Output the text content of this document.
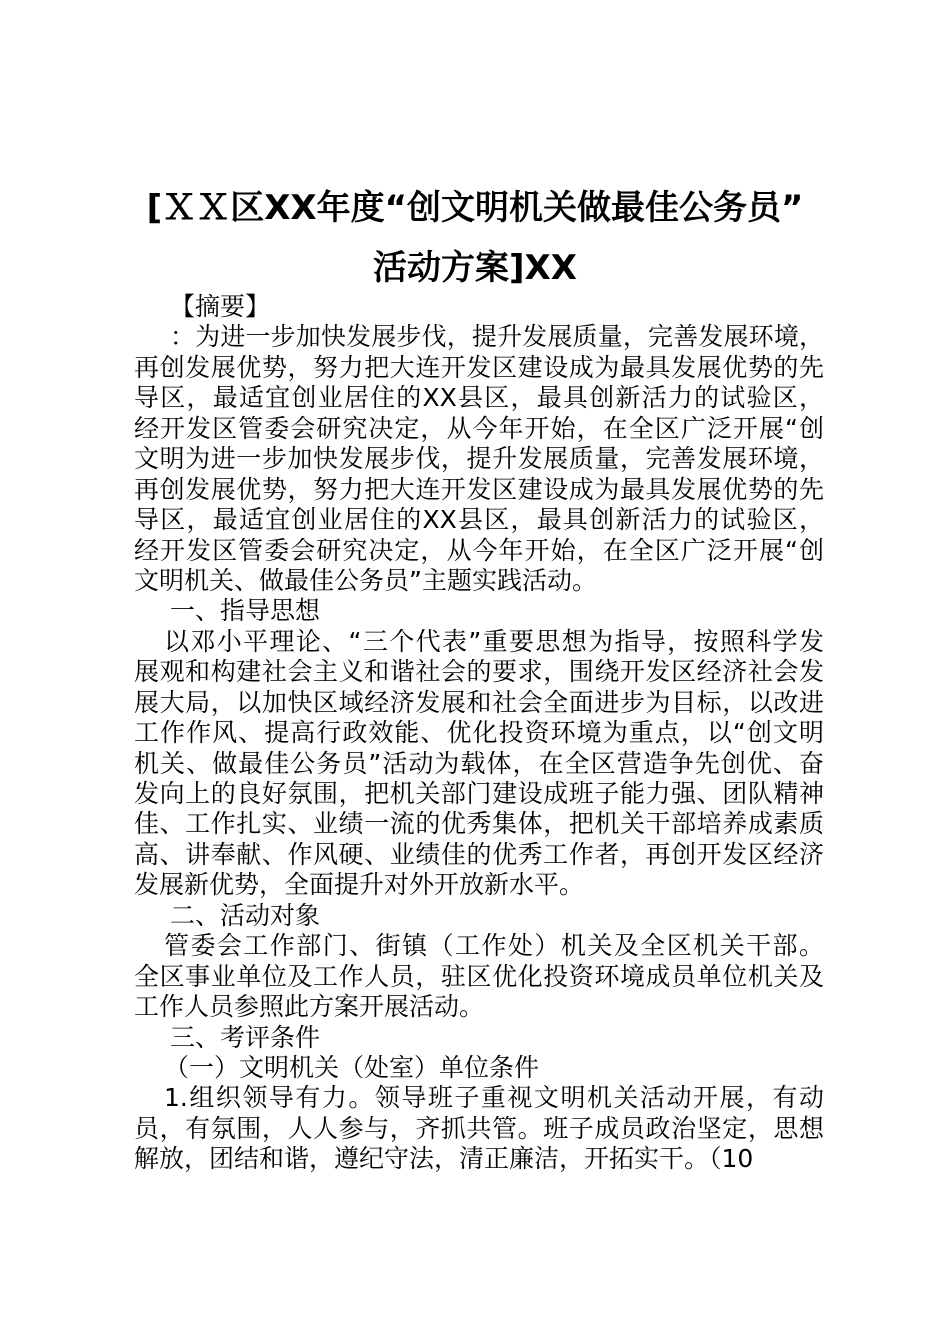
[ＸＸ区XX年度“创文明机关做最佳公务员”
活动方案]XX
【摘要】
：为进一步加快发展步伐，提升发展质量，完善发展环境，
再创发展优势，努力把大连开发区建设成为最具发展优势的先
导区，最适宜创业居住的XX县区，最具创新活力的试验区，
经开发区管委会研究决定，从今年开始，在全区广泛开展“创
文明为进一步加快发展步伐，提升发展质量，完善发展环境，
再创发展优势，努力把大连开发区建设成为最具发展优势的先
导区，最适宜创业居住的XX县区，最具创新活力的试验区，
经开发区管委会研究决定，从今年开始，在全区广泛开展“创
文明机关、做最佳公务员”主题实践活动。
一、指导思想
以邓小平理论、“三个代表”重要思想为指导，按照科学发
展观和构建社会主义和谐社会的要求，围绕开发区经济社会发
展大局，以加快区域经济发展和社会全面进步为目标，以改进
工作作风、提高行政效能、优化投资环境为重点，以“创文明
机关、做最佳公务员”活动为载体，在全区营造争先创优、奋
发向上的良好氛围，把机关部门建设成班子能力强、团队精神
佳、工作扎实、业绩一流的优秀集体，把机关干部培养成素质
高、讲奉献、作风硬、业绩佳的优秀工作者，再创开发区经济
发展新优势，全面提升对外开放新水平。
二、活动对象
管委会工作部门、街镇（工作处）机关及全区机关干部。
全区事业单位及工作人员，驻区优化投资环境成员单位机关及
工作人员参照此方案开展活动。
三、考评条件
（一）文明机关（处室）单位条件
1.组织领导有力。领导班子重视文明机关活动开展，有动
员，有氛围，人人参与，齐抓共管。班子成员政治坚定，思想
解放，团结和谐，遵纪守法，清正廉洁，开拓实干。（10
